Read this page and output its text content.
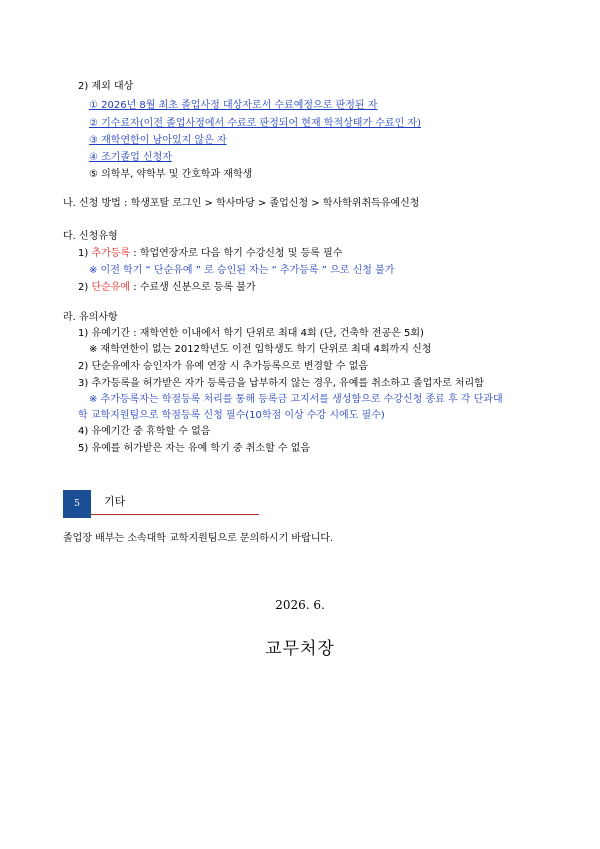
2) 제외 대상
① 2026년 8월 최초 졸업사정 대상자로서 수료예정으로 판정된 자
② 기수료자(이전 졸업사정에서 수료로 판정되어 현재 학적상태가 수료인 자)
③ 재학연한이 남아있지 않은 자
④ 조기졸업 신청자
⑤ 의학부, 약학부 및 간호학과 재학생
나. 신청 방법 : 학생포탈 로그인 > 학사마당 > 졸업신청 > 학사학위취득유예신청
다. 신청유형
1) 추가등록 : 학업연장자로 다음 학기 수강신청 및 등록 필수
※ 이전 학기 “ 단순유예 ” 로 승인된 자는 “ 추가등록 ” 으로 신청 불가
2) 단순유예 : 수료생 신분으로 등록 불가
라. 유의사항
1) 유예기간 : 재학연한 이내에서 학기 단위로 최대 4회 (단, 건축학 전공은 5회)
※ 재학연한이 없는 2012학년도 이전 입학생도 학기 단위로 최대 4회까지 신청
2) 단순유예자 승인자가 유예 연장 시 추가등록으로 변경할 수 없음
3) 추가등록을 허가받은 자가 등록금을 납부하지 않는 경우, 유예를 취소하고 졸업자로 처리함
※ 추가등록자는 학점등록 처리를 통해 등록금 고지서를 생성함으로 수강신청 종료 후 각 단과대
학 교학지원팀으로 학점등록 신청 필수(10학점 이상 수강 시에도 필수)
4) 유예기간 중 휴학할 수 없음
5) 유예를 허가받은 자는 유예 학기 중 취소할 수 없음
5	기타
졸업장 배부는 소속대학 교학지원팀으로 문의하시기 바랍니다.
2026. 6.
교무처장
